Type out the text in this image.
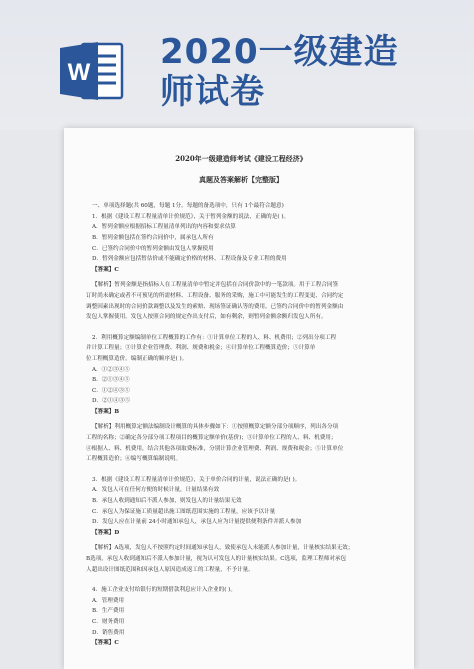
W
2020一级建造
师试卷
2020年一级建造师考试《建设工程经济》
真题及答案解析【完整版】
一、单项选择题(共 60题，每题 1分。每题的备选项中，只有 1个最符合题意)
1．根据《建设工程工程量清单计价规范》，关于暂列金额的说法，正确的是( )。
A．暂列金额应根据招标工程量清单列出的内容和要求估算
B．暂列金额包括在签约合同价中，属承包人所有
C．已签约合同价中的暂列金额由发包人掌握使用
D．暂列金额应包括暂估价或不能确定价格的材料、工程设备及专业工程的费用
【答案】C
【解析】暂列金额是指招标人在工程量清单中暂定并包括在合同价款中的一笔款项。用于工程合同签
订时尚未确定或者不可预见的所需材料、工程设备、服务的采购，施工中可能发生的工程变更、合同约定
调整因素出现时的合同价款调整以及发生的索赔、现场签证确认等的费用。已签约合同价中的暂列金额由
发包人掌握使用。发包人按照合同的规定作出支付后，如有剩余，则暂列金额余额归发包人所有。
2．利用概算定额编制单位工程概算的工作有：①计算单位工程的人、料、机费用；②列出分项工程
并计算工程量；③计算企业管理费、利润、规费和税金；④计算单位工程概算造价；⑤计算单
位工程概算造价。编制正确的顺序是( )。
A．①②③④⑤
B．②①③④⑤
C．①②④③⑤
D．②①④③⑤
【答案】B
【解析】利用概算定额法编制设计概算的具体步骤如下：①按照概算定额分部分项顺序，列出各分项
工程的名称；②确定各分部分项工程项目的概算定额单价(基价)；③计算单位工程的人、料、机费用；
④根据人、料、机费用，结合其他各项取费标准，分别计算企业管理费、利润、规费和税金；⑤计算单位
工程概算造价；⑥编写概算编制说明。
3．根据《建设工程工程量清单计价规范》，关于单价合同的计量，说法正确的是( )。
A．发包人可在任何方便的时候计量，计量结果有效
B．承包人收到通知后不派人参加，则发包人的计量结果无效
C．承包人为保证施工质量超出施工图纸范围实施的工程量，应该予以计量
D．发包人应在计量前 24小时通知承包人，承包人应为计量提供便利条件并派人参加
【答案】D
【解析】A选项，发包人不按照约定时间通知承包人，致使承包人未能派人参加计量，计量核实结果无效；
B选项，承包人收到通知后不派人参加计量，视为认可发包人的计量核实结果。C选项，监理工程师对承包
人超出设计图纸范围和因承包人原因造成返工的工程量，不予计量。
4．施工企业支付给银行的短期借款利息应计入企业的( )。
A．管理费用
B．生产费用
C．财务费用
D．销售费用
【答案】C
